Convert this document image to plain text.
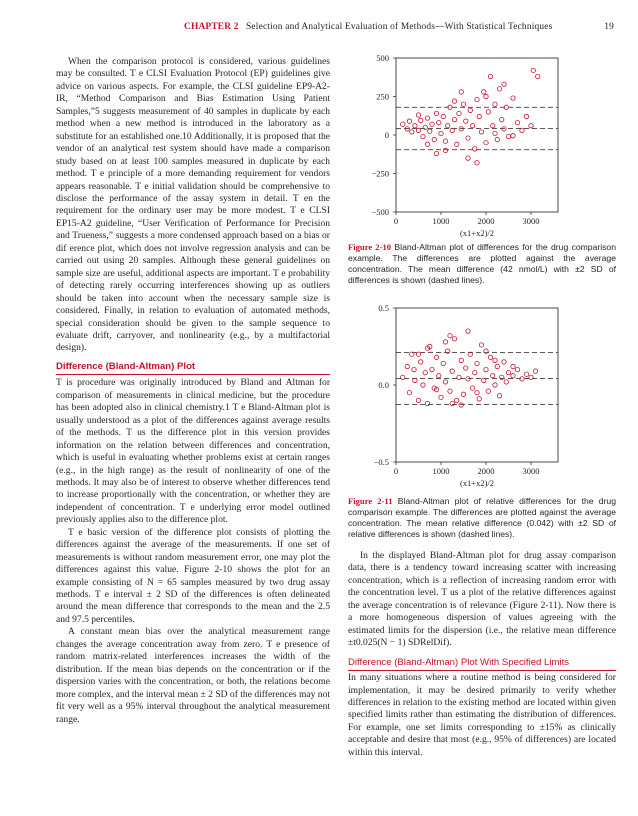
CHAPTER 2 Selection and Analytical Evaluation of Methods—With Statistical Techniques	19

When the comparison protocol is considered, various guidelines may be consulted. T e CLSI Evaluation Protocol (EP) guidelines give advice on various aspects. For example, the CLSI guideline EP9-A2-IR, “Method Comparison and Bias Estimation Using Patient Samples,”5 suggests measurement of 40 samples in duplicate by each method when a new method is introduced in the laboratory as a substitute for an established one.10 Additionally, it is proposed that the vendor of an analytical test system should have made a comparison study based on at least 100 samples measured in duplicate by each method. T e principle of a more demanding requirement for vendors appears reasonable. T e initial validation should be comprehensive to disclose the performance of the assay system in detail. T en the requirement for the ordinary user may be more modest. T e CLSI EP15-A2 guideline, “User Verification of Performance for Precision and Trueness,” suggests a more condensed approach based on a bias or dif erence plot, which does not involve regression analysis and can be carried out using 20 samples. Although these general guidelines on sample size are useful, additional aspects are important. T e probability of detecting rarely occurring interferences showing up as outliers should be taken into account when the necessary sample size is considered. Finally, in relation to evaluation of automated methods, special consideration should be given to the sample sequence to evaluate drift, carryover, and nonlinearity (e.g., by a multifactorial design).

Difference (Bland-Altman) Plot

T is procedure was originally introduced by Bland and Altman for comparison of measurements in clinical medicine, but the procedure has been adopted also in clinical chemistry.1 T e Bland-Altman plot is usually understood as a plot of the differences against average results of the methods. T us the difference plot in this version provides information on the relation between differences and concentration, which is useful in evaluating whether problems exist at certain ranges (e.g., in the high range) as the result of nonlinearity of one of the methods. It may also be of interest to observe whether differences tend to increase proportionally with the concentration, or whether they are independent of concentration. T e underlying error model outlined previously applies also to the difference plot.

T e basic version of the difference plot consists of plotting the differences against the average of the measurements. If one set of measurements is without random measurement error, one may plot the differences against this value. Figure 2-10 shows the plot for an example consisting of N = 65 samples measured by two drug assay methods. T e interval ± 2 SD of the differences is often delineated around the mean difference that corresponds to the mean and the 2.5 and 97.5 percentiles.

A constant mean bias over the analytical measurement range changes the average concentration away from zero. T e presence of random matrix-related interferences increases the width of the distribution. If the mean bias depends on the concentration or if the dispersion varies with the concentration, or both, the relations become more complex, and the interval mean ± 2 SD of the differences may not fit very well as a 95% interval throughout the analytical measurement range.

500
250
0
−250
−500
0	1000	2000	3000
(x1+x2)/2
Figure 2-10 Bland-Altman plot of differences for the drug comparison example. The differences are plotted against the average concentration. The mean difference (42 nmol/L) with ±2 SD of differences is shown (dashed lines).
0.5
0.0
−0.5
0	1000	2000	3000
(x1+x2)/2
Figure 2-11 Bland-Altman plot of relative differences for the drug comparison example. The differences are plotted against the average concentration. The mean relative difference (0.042) with ±2 SD of relative differences is shown (dashed lines).

In the displayed Bland-Altman plot for drug assay comparison data, there is a tendency toward increasing scatter with increasing concentration, which is a reflection of increasing random error with the concentration level. T us a plot of the relative differences against the average concentration is of relevance (Figure 2-11). Now there is a more homogeneous dispersion of values agreeing with the estimated limits for the dispersion (i.e., the relative mean difference ±t0.025(N − 1) SDRelDif).

Difference (Bland-Altman) Plot With Specified Limits

In many situations where a routine method is being considered for implementation, it may be desired primarily to verify whether differences in relation to the existing method are located within given specified limits rather than estimating the distribution of differences. For example, one set limits corresponding to ±15% as clinically acceptable and desire that most (e.g., 95% of differences) are located within this interval.
